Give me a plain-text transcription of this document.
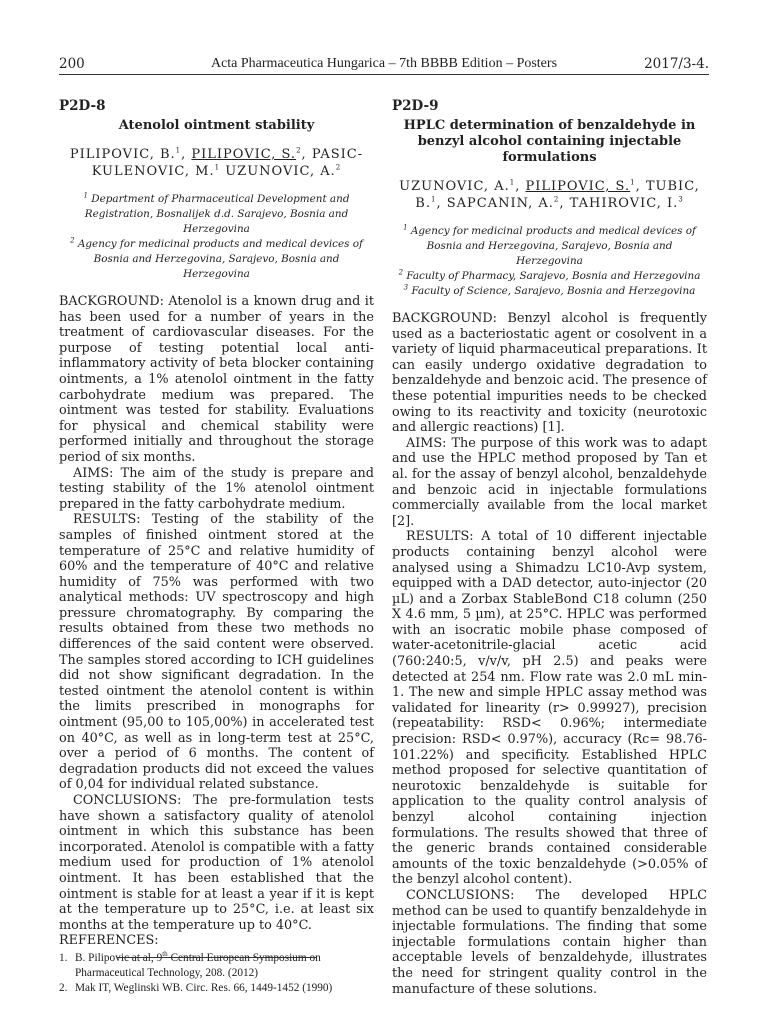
200	Acta Pharmaceutica Hungarica – 7th BBBB Edition – Posters	2017/3-4.

P2D-8

Atenolol ointment stability

PILIPOVIC, B.$^1$, PILIPOVIC, S.$^2$, PASIC-KULENOVIC, M.$^1$ UZUNOVIC, A.$^2$

$^1$ Department of Pharmaceutical Development and Registration, Bosnalijek d.d. Sarajevo, Bosnia and Herzegovina
$^2$ Agency for medicinal products and medical devices of Bosnia and Herzegovina, Sarajevo, Bosnia and Herzegovina

BACKGROUND: Atenolol is a known drug and it has been used for a number of years in the treatment of cardiovascular diseases. For the purpose of testing potential local anti-inflammatory activity of beta blocker containing ointments, a 1% atenolol ointment in the fatty carbohydrate medium was prepared. The ointment was tested for stability. Evaluations for physical and chemical stability were performed initially and throughout the storage period of six months.

AIMS: The aim of the study is prepare and testing stability of the 1% atenolol ointment prepared in the fatty carbohydrate medium.

RESULTS: Testing of the stability of the samples of finished ointment stored at the temperature of 25°C and relative humidity of 60% and the temperature of 40°C and relative humidity of 75% was performed with two analytical methods: UV spectroscopy and high pressure chromatography. By comparing the results obtained from these two methods no differences of the said content were observed. The samples stored according to ICH guidelines did not show significant degradation. In the tested ointment the atenolol content is within the limits prescribed in monographs for ointment (95,00 to 105,00%) in accelerated test on 40°C, as well as in long-term test at 25°C, over a period of 6 months. The content of degradation products did not exceed the values of 0,04 for individual related substance.

CONCLUSIONS: The pre-formulation tests have shown a satisfactory quality of atenolol ointment in which this substance has been incorporated. Atenolol is compatible with a fatty medium used for production of 1% atenolol ointment. It has been established that the ointment is stable for at least a year if it is kept at the temperature up to 25°C, i.e. at least six months at the temperature up to 40°C.

REFERENCES:

1. B. Pilipovic at al, 9th Central European Symposium on Pharmaceutical Technology, 208. (2012)
2. Mak IT, Weglinski WB. Circ. Res. 66, 1449-1452 (1990)

P2D-9

HPLC determination of benzaldehyde in benzyl alcohol containing injectable formulations

UZUNOVIC, A.$^1$, PILIPOVIC, S.$^1$, TUBIC, B.$^1$, SAPCANIN, A.$^2$, TAHIROVIC, I.$^3$

$^1$ Agency for medicinal products and medical devices of Bosnia and Herzegovina, Sarajevo, Bosnia and Herzegovina
$^2$ Faculty of Pharmacy, Sarajevo, Bosnia and Herzegovina
$^3$ Faculty of Science, Sarajevo, Bosnia and Herzegovina

BACKGROUND: Benzyl alcohol is frequently used as a bacteriostatic agent or cosolvent in a variety of liquid pharmaceutical preparations. It can easily undergo oxidative degradation to benzaldehyde and benzoic acid. The presence of these potential impurities needs to be checked owing to its reactivity and toxicity (neurotoxic and allergic reactions) [1].

AIMS: The purpose of this work was to adapt and use the HPLC method proposed by Tan et al. for the assay of benzyl alcohol, benzaldehyde and benzoic acid in injectable formulations commercially available from the local market [2].

RESULTS: A total of 10 different injectable products containing benzyl alcohol were analysed using a Shimadzu LC10-Avp system, equipped with a DAD detector, auto-injector (20 µL) and a Zorbax StableBond C18 column (250 X 4.6 mm, 5 µm), at 25°C. HPLC was performed with an isocratic mobile phase composed of water-acetonitrile-glacial acetic acid (760:240:5, v/v/v, pH 2.5) and peaks were detected at 254 nm. Flow rate was 2.0 mL min-1. The new and simple HPLC assay method was validated for linearity (r> 0.99927), precision (repeatability: RSD< 0.96%; intermediate precision: RSD< 0.97%), accuracy (Rc= 98.76-101.22%) and specificity. Established HPLC method proposed for selective quantitation of neurotoxic benzaldehyde is suitable for application to the quality control analysis of benzyl alcohol containing injection formulations. The results showed that three of the generic brands contained considerable amounts of the toxic benzaldehyde (>0.05% of the benzyl alcohol content).

CONCLUSIONS: The developed HPLC method can be used to quantify benzaldehyde in injectable formulations. The finding that some injectable formulations contain higher than acceptable levels of benzaldehyde, illustrates the need for stringent quality control in the manufacture of these solutions.
